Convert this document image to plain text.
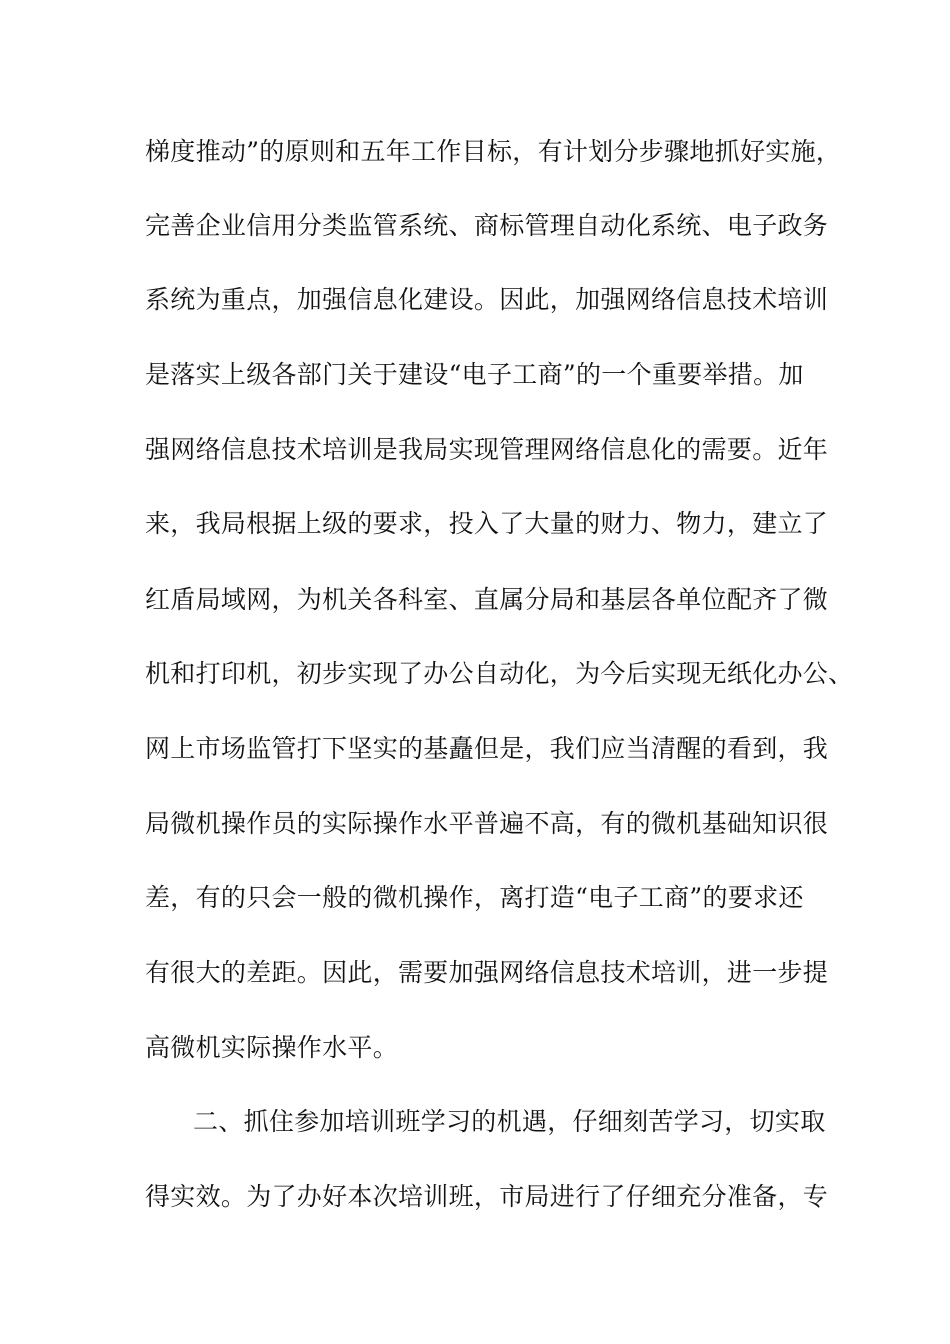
梯度推动”的原则和五年工作目标，有计划分步骤地抓好实施，
完善企业信用分类监管系统、商标管理自动化系统、电子政务
系统为重点，加强信息化建设。因此，加强网络信息技术培训
是落实上级各部门关于建设“电子工商”的一个重要举措。加
强网络信息技术培训是我局实现管理网络信息化的需要。近年
来，我局根据上级的要求，投入了大量的财力、物力，建立了
红盾局域网，为机关各科室、直属分局和基层各单位配齐了微
机和打印机，初步实现了办公自动化，为今后实现无纸化办公、
网上市场监管打下坚实的基矗但是，我们应当清醒的看到，我
局微机操作员的实际操作水平普遍不高，有的微机基础知识很
差，有的只会一般的微机操作，离打造“电子工商”的要求还
有很大的差距。因此，需要加强网络信息技术培训，进一步提
高微机实际操作水平。
二、抓住参加培训班学习的机遇，仔细刻苦学习，切实取
得实效。为了办好本次培训班，市局进行了仔细充分准备，专
